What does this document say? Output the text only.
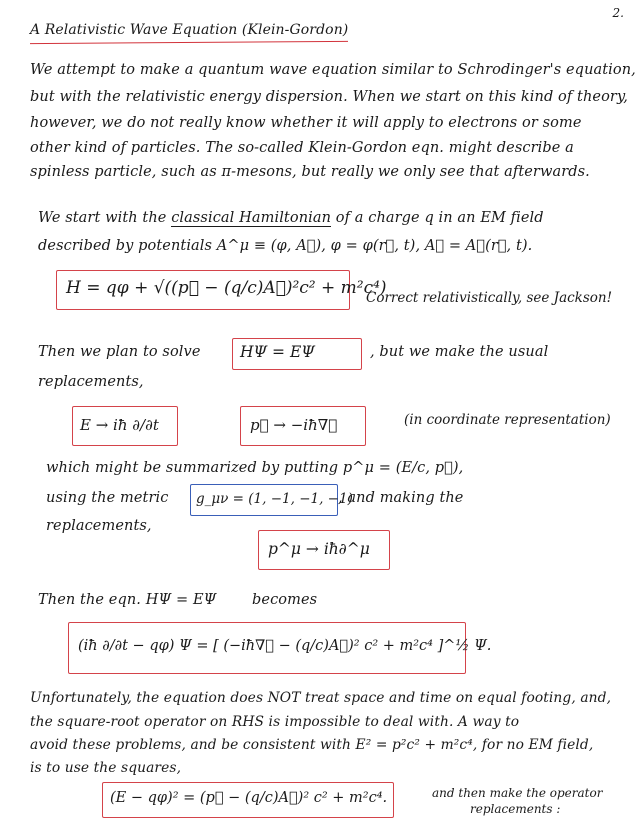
2.
A Relativistic Wave Equation (Klein-Gordon)
We attempt to make a quantum wave equation similar to Schrodinger's equation,
but with the relativistic energy dispersion. When we start on this kind of theory,
however, we do not really know whether it will apply to electrons or some
other kind of particles. The so-called Klein-Gordon eqn. might describe a
spinless particle, such as π-mesons, but really we only see that afterwards.
We start with the classical Hamiltonian of a charge q in an EM field
described by potentials A^μ ≡ (φ, A⃗), φ = φ(r⃗, t), A⃗ = A⃗(r⃗, t).
H = qφ + √((p⃗ − (q/c)A⃗)²c² + m²c⁴)
Correct relativistically, see Jackson!
Then we plan to solve	HΨ = EΨ	, but we make the usual
replacements,
E → iħ ∂/∂t	p⃗ → −iħ∇⃗	(in coordinate representation)
which might be summarized by putting p^μ = (E/c, p⃗),
using the metric g_μν = (1, −1, −1, −1)
, and making the
replacements,
p^μ → iħ∂^μ
Then the eqn. HΨ = EΨ becomes
(iħ ∂/∂t − qφ) Ψ = [ (−iħ∇⃗ − (q/c)A⃗)² c² + m²c⁴ ]^½ Ψ.
Unfortunately, the equation does NOT treat space and time on equal footing, and,
the square-root operator on RHS is impossible to deal with. A way to
avoid these problems, and be consistent with E² = p²c² + m²c⁴, for no EM field,
is to use the squares,
(E − qφ)² = (p⃗ − (q/c)A⃗)² c² + m²c⁴.	and then make the operator
replacements :
